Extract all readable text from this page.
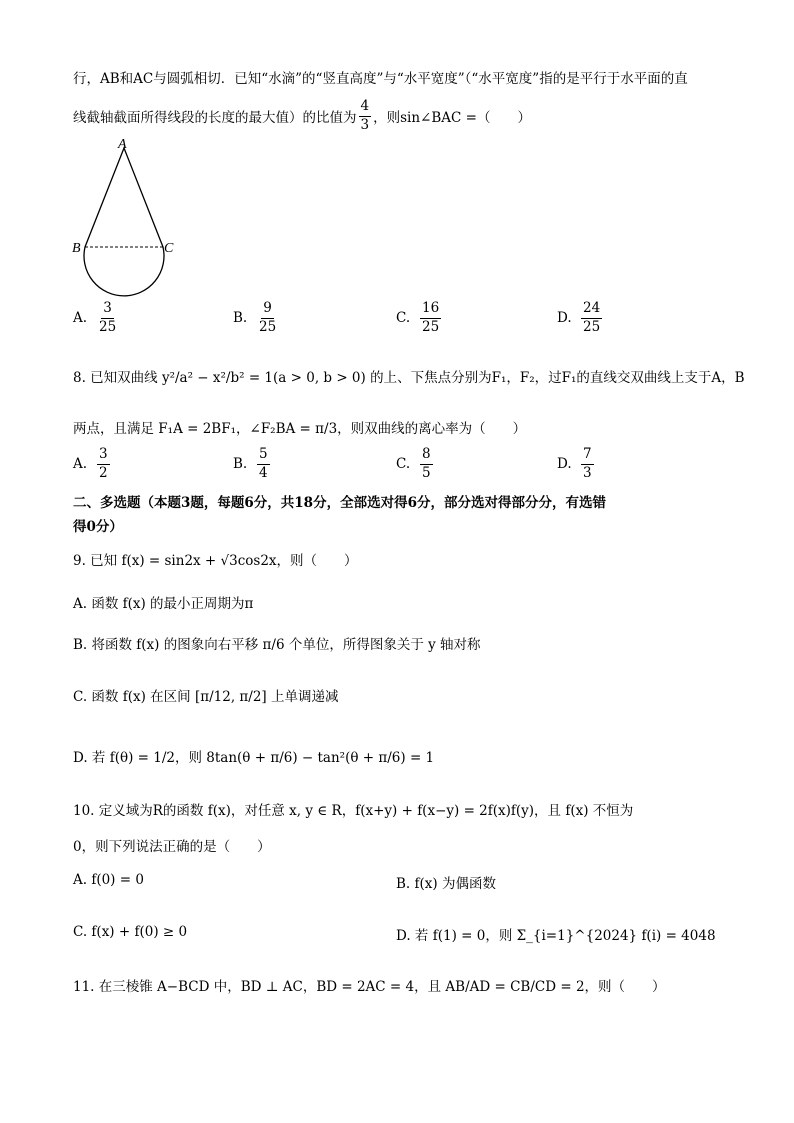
行，AB和AC与圆弧相切．已知“水滴”的“竖直高度”与“水平宽度”（“水平宽度”指的是平行于水平面的直
线截轴截面所得线段的长度的最大值）的比值为 $\frac{4}{3}$ ，则sin∠BAC =（　　）
A
B	C
A. $\frac{3}{25}$	B. $\frac{9}{25}$	C. $\frac{16}{25}$	D. $\frac{24}{25}$
8. 已知双曲线 y²/a² − x²/b² = 1(a > 0, b > 0) 的上、下焦点分别为F₁，F₂，过F₁的直线交双曲线上支于A，B
两点，且满足 F₁A = 2BF₁，∠F₂BA = π/3，则双曲线的离心率为（　　）
A. $\frac{3}{2}$	B. $\frac{5}{4}$	C. $\frac{8}{5}$	D. $\frac{7}{3}$
二、多选题（本题3题，每题6分，共18分，全部选对得6分，部分选对得部分分，有选错
得0分）
9. 已知 f(x) = sin2x + √3cos2x，则（　　）
A. 函数 f(x) 的最小正周期为π
B. 将函数 f(x) 的图象向右平移 π/6 个单位，所得图象关于 y 轴对称
C. 函数 f(x) 在区间 [π/12, π/2] 上单调递减
D. 若 f(θ) = 1/2，则 8tan(θ + π/6) − tan²(θ + π/6) = 1
10. 定义域为R的函数 f(x)，对任意 x, y ∈ R，f(x+y) + f(x−y) = 2f(x)f(y)，且 f(x) 不恒为
0，则下列说法正确的是（　　）
A. f(0) = 0	B. f(x) 为偶函数
C. f(x) + f(0) ≥ 0	D. 若 f(1) = 0，则 Σ_{i=1}^{2024} f(i) = 4048
11. 在三棱锥 A−BCD 中，BD ⊥ AC，BD = 2AC = 4，且 AB/AD = CB/CD = 2，则（　　）
